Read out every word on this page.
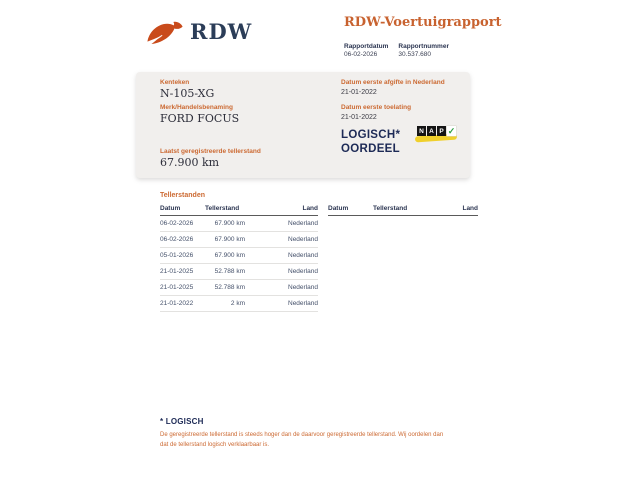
RDW	RDW-Voertuigrapport
Rapportdatum
06-02-2026
Rapportnummer
30.537.680
Kenteken
N-105-XG
Merk/Handelsbenaming
FORD FOCUS
Laatst geregistreerde tellerstand
67.900 km
Datum eerste afgifte in Nederland
21-01-2022
Datum eerste toelating
21-01-2022
LOGISCH*
OORDEEL
N A P ✓
Tellerstanden
Datum	Tellerstand	Land
06-02-2026	67.900 km	Nederland
06-02-2026	67.900 km	Nederland
05-01-2026	67.900 km	Nederland
21-01-2025	52.788 km	Nederland
21-01-2025	52.788 km	Nederland
21-01-2022	2 km	Nederland
Datum	Tellerstand	Land
* LOGISCH
De geregistreerde tellerstand is steeds hoger dan de daarvoor geregistreerde tellerstand. Wij oordelen dan dat de tellerstand logisch verklaarbaar is.
